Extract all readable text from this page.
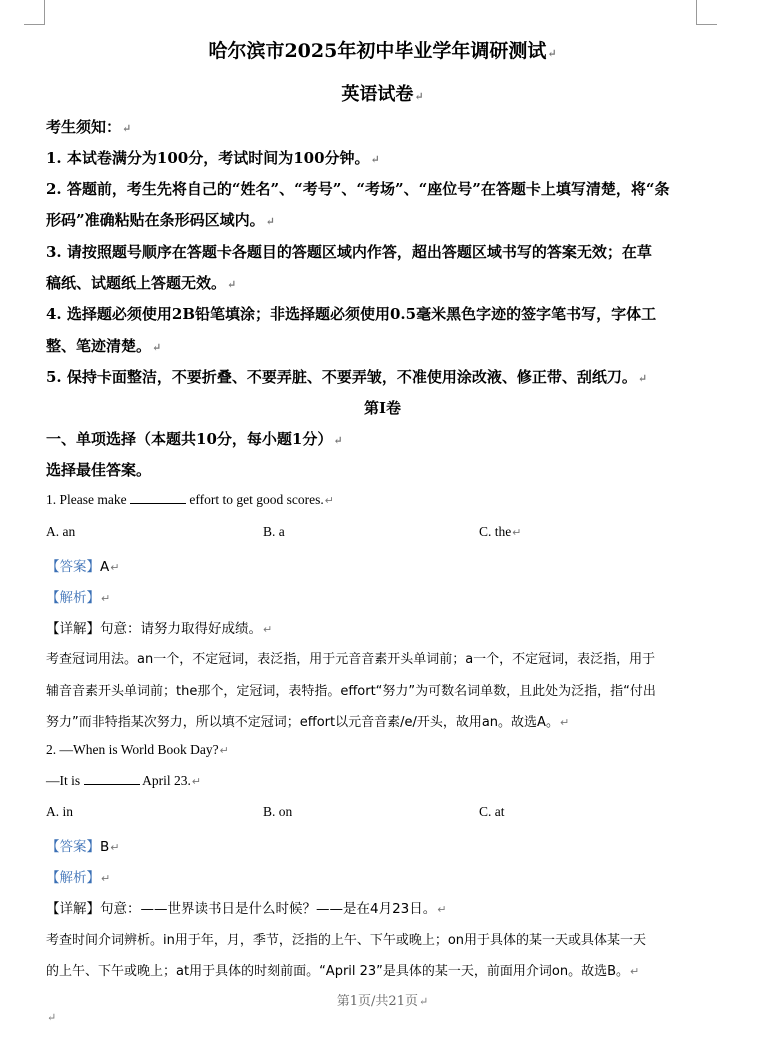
哈尔滨市2025年初中毕业学年调研测试↵
英语试卷↵
考生须知：↵
1. 本试卷满分为100分，考试时间为100分钟。↵
2. 答题前，考生先将自己的“姓名”、“考号”、“考场”、“座位号”在答题卡上填写清楚，将“条
形码”准确粘贴在条形码区域内。↵
3. 请按照题号顺序在答题卡各题目的答题区域内作答，超出答题区域书写的答案无效；在草
稿纸、试题纸上答题无效。↵
4. 选择题必须使用2B铅笔填涂；非选择题必须使用0.5毫米黑色字迹的签字笔书写，字体工
整、笔迹清楚。↵
5. 保持卡面整洁，不要折叠、不要弄脏、不要弄皱，不准使用涂改液、修正带、刮纸刀。↵
第Ⅰ卷
一、单项选择（本题共10分，每小题1分）↵
选择最佳答案。
1. Please make	effort to get good scores.↵
A. an	B. a	C. the↵
【答案】A↵
【解析】↵
【详解】句意：请努力取得好成绩。↵
考查冠词用法。an一个，不定冠词，表泛指，用于元音音素开头单词前；a一个，不定冠词，表泛指，用于
辅音音素开头单词前；the那个，定冠词，表特指。effort“努力”为可数名词单数，且此处为泛指，指“付出
努力”而非特指某次努力，所以填不定冠词；effort以元音音素/e/开头，故用an。故选A。↵
2. —When is World Book Day?↵
—It is	April 23.↵
A. in	B. on	C. at
【答案】B↵
【解析】↵
【详解】句意：——世界读书日是什么时候？——是在4月23日。↵
考查时间介词辨析。in用于年，月，季节，泛指的上午、下午或晚上；on用于具体的某一天或具体某一天
的上午、下午或晚上；at用于具体的时刻前面。“April 23”是具体的某一天，前面用介词on。故选B。↵
第1页/共21页↵
↵
